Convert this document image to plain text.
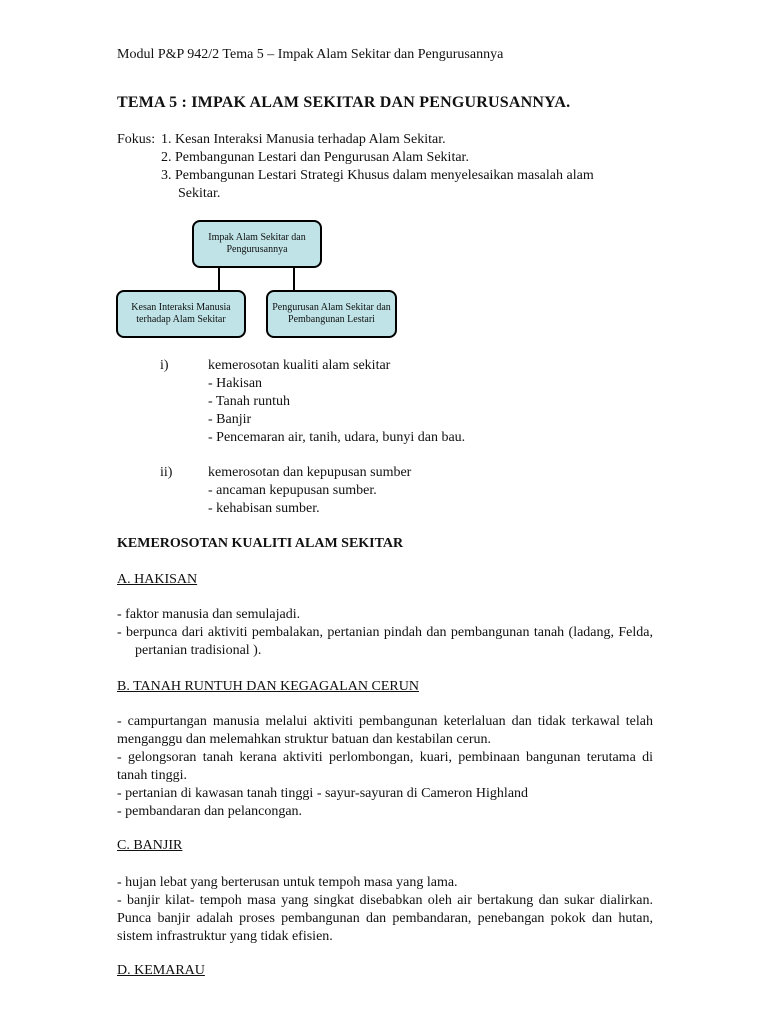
Modul P&P 942/2 Tema 5 – Impak Alam Sekitar dan Pengurusannya
TEMA 5 : IMPAK ALAM SEKITAR DAN PENGURUSANNYA.
Fokus: 1. Kesan Interaksi Manusia terhadap Alam Sekitar.
2. Pembangunan Lestari dan Pengurusan Alam Sekitar.
3. Pembangunan Lestari Strategi Khusus dalam menyelesaikan masalah alam
Sekitar.
Impak Alam Sekitar dan Pengurusannya
Kesan Interaksi Manusia terhadap Alam Sekitar
Pengurusan Alam Sekitar dan Pembangunan Lestari
i)	kemerosotan kualiti alam sekitar
- Hakisan
- Tanah runtuh
- Banjir
- Pencemaran air, tanih, udara, bunyi dan bau.
ii)	kemerosotan dan kepupusan sumber
- ancaman kepupusan sumber.
- kehabisan sumber.
KEMEROSOTAN KUALITI ALAM SEKITAR
A. HAKISAN
- faktor manusia dan semulajadi.
- berpunca dari aktiviti pembalakan, pertanian pindah dan pembangunan tanah (ladang, Felda, pertanian tradisional ).
B. TANAH RUNTUH DAN KEGAGALAN CERUN
- campurtangan manusia melalui aktiviti pembangunan keterlaluan dan tidak terkawal telah menganggu dan melemahkan struktur batuan dan kestabilan cerun.
- gelongsoran tanah kerana aktiviti perlombongan, kuari, pembinaan bangunan terutama di tanah tinggi.
- pertanian di kawasan tanah tinggi - sayur-sayuran di Cameron Highland
- pembandaran dan pelancongan.
C. BANJIR
- hujan lebat yang berterusan untuk tempoh masa yang lama.
- banjir kilat- tempoh masa yang singkat disebabkan oleh air bertakung dan sukar dialirkan. Punca banjir adalah proses pembangunan dan pembandaran, penebangan pokok dan hutan, sistem infrastruktur yang tidak efisien.
D. KEMARAU
